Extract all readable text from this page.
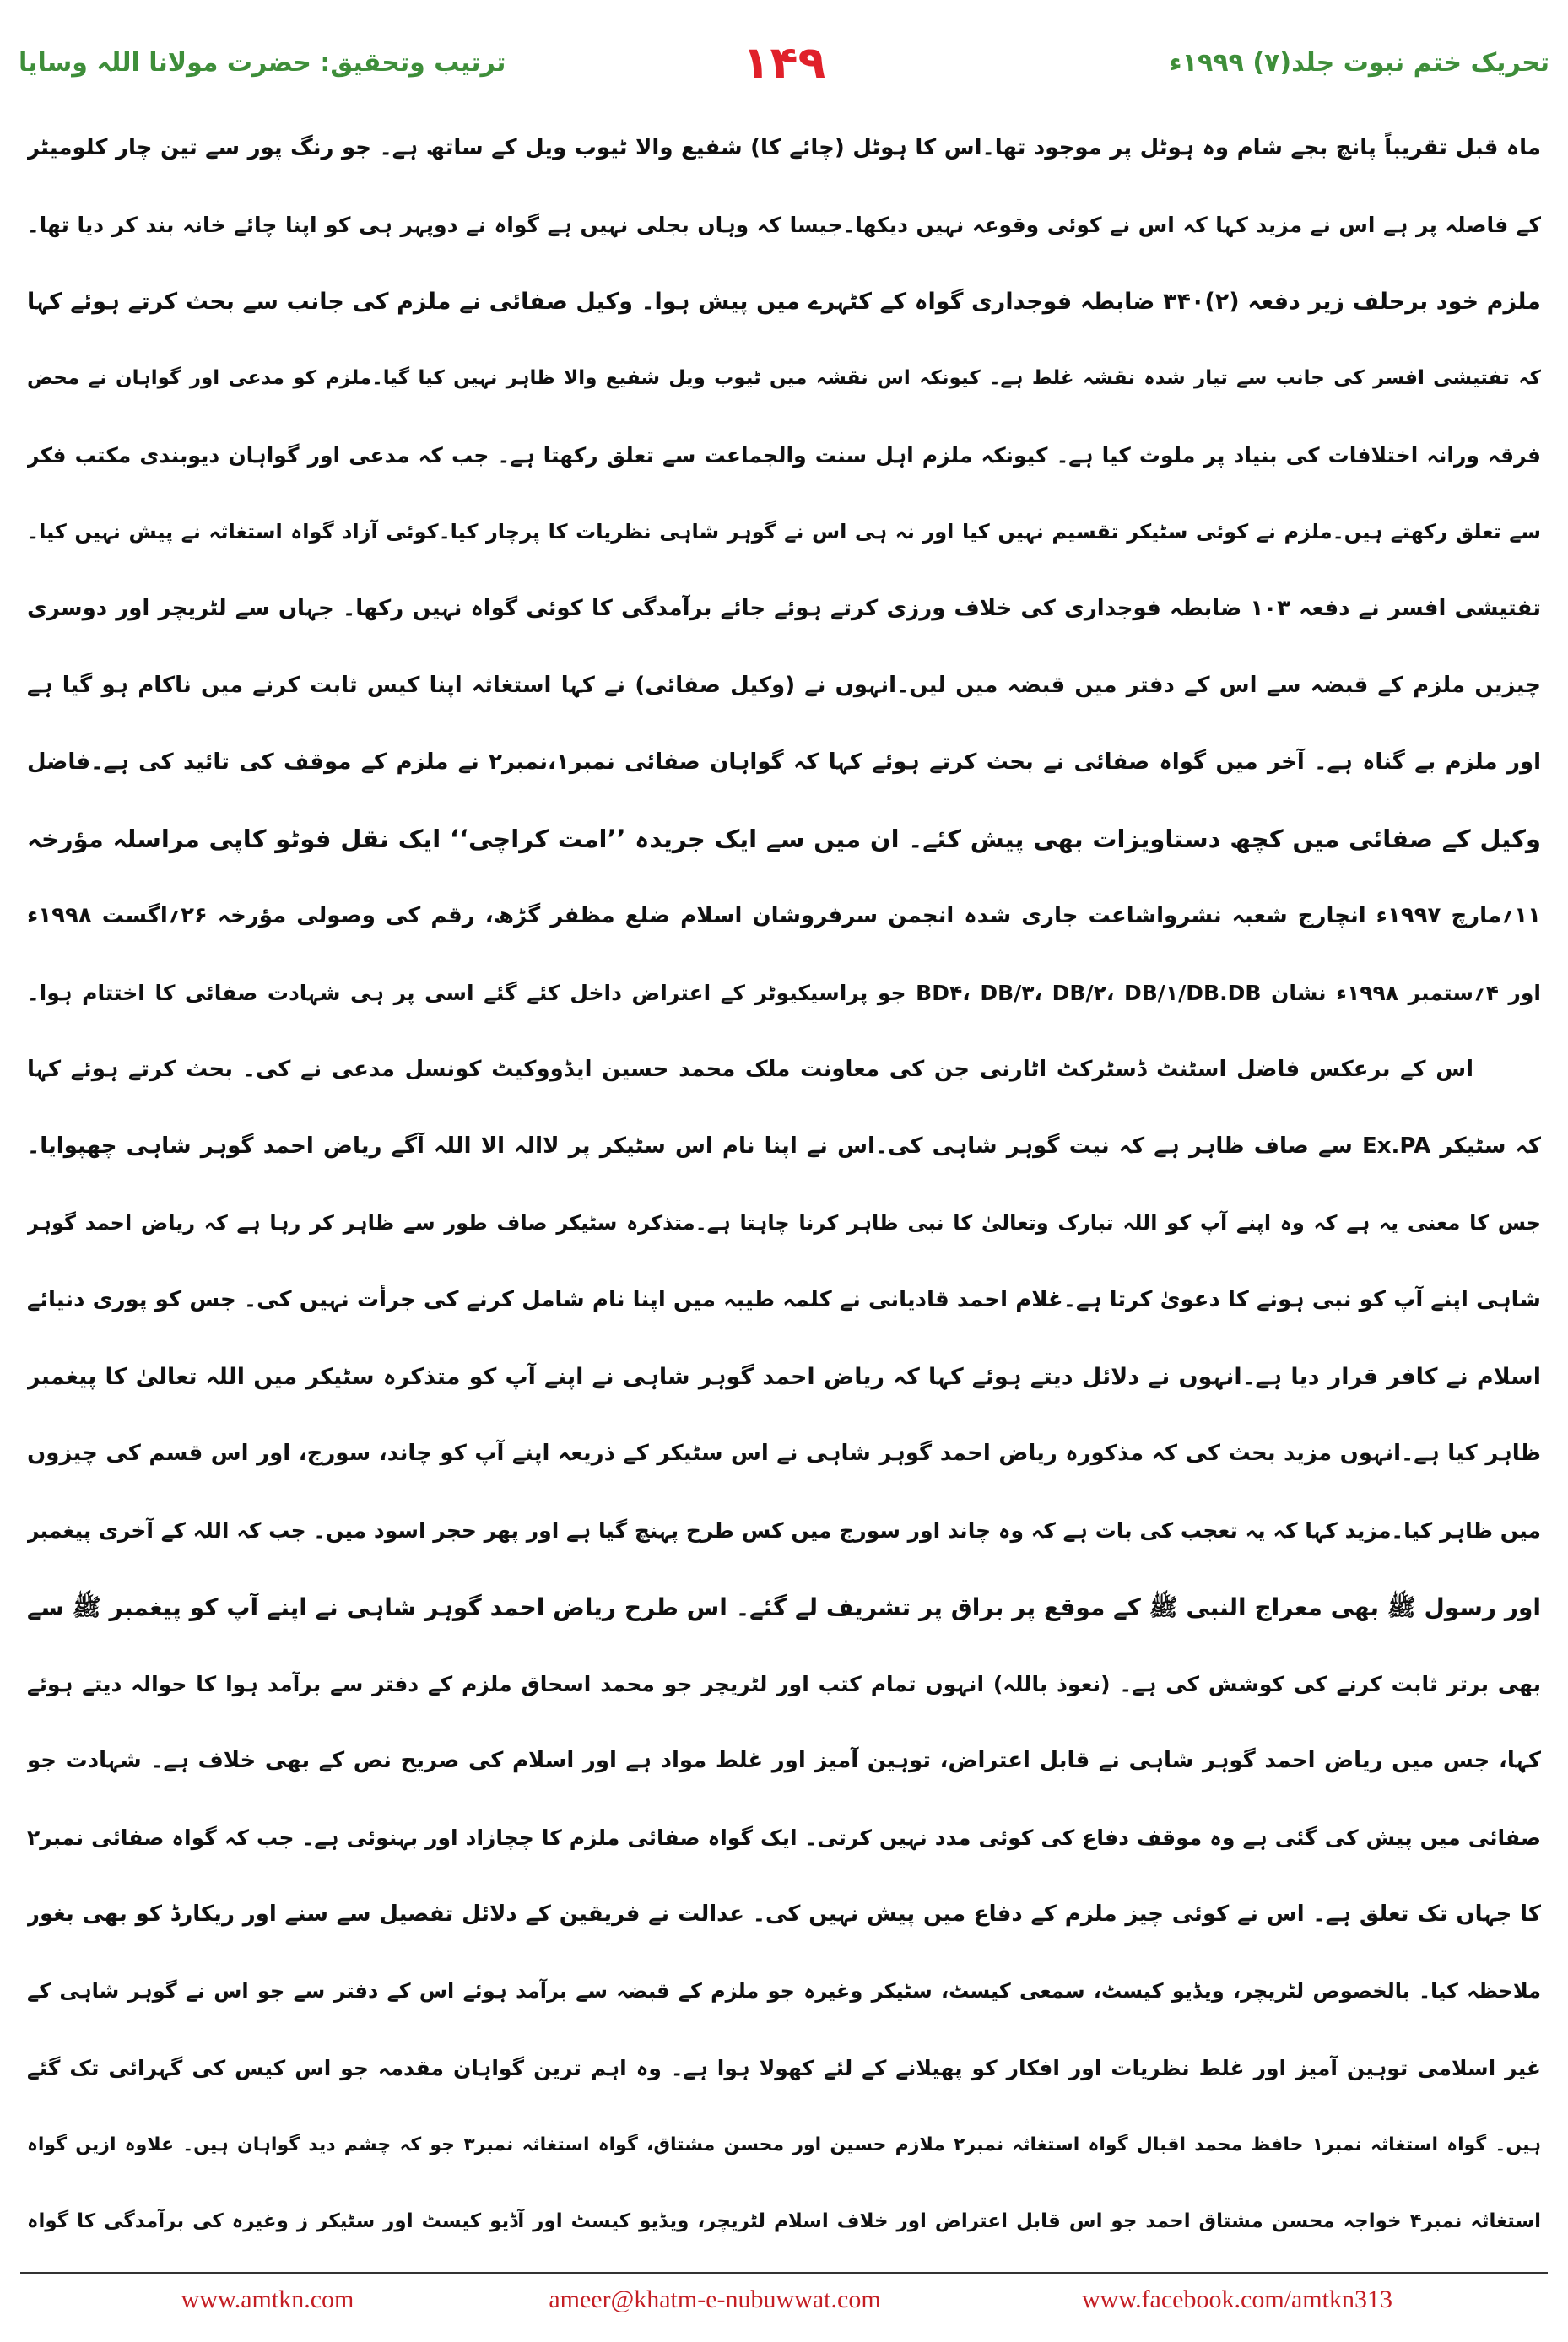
ترتیب وتحقیق: حضرت مولانا اللہ وسایا	۱۴۹	تحریک ختم نبوت جلد(۷) ۱۹۹۹ء
ماہ قبل تقریباً پانچ بجے شام وہ ہوٹل پر موجود تھا۔اس کا ہوٹل (چائے کا) شفیع والا ٹیوب ویل کے ساتھ ہے۔ جو رنگ پور سے تین چار کلومیٹر
کے فاصلہ پر ہے اس نے مزید کہا کہ اس نے کوئی وقوعہ نہیں دیکھا۔جیسا کہ وہاں بجلی نہیں ہے گواہ نے دوپہر ہی کو اپنا چائے خانہ بند کر دیا تھا۔
ملزم خود برحلف زیر دفعہ (۲)۳۴۰ ضابطہ فوجداری گواہ کے کٹہرے میں پیش ہوا۔ وکیل صفائی نے ملزم کی جانب سے بحث کرتے ہوئے کہا
کہ تفتیشی افسر کی جانب سے تیار شدہ نقشہ غلط ہے۔ کیونکہ اس نقشہ میں ٹیوب ویل شفیع والا ظاہر نہیں کیا گیا۔ملزم کو مدعی اور گواہان نے محض
فرقہ ورانہ اختلافات کی بنیاد پر ملوث کیا ہے۔ کیونکہ ملزم اہل سنت والجماعت سے تعلق رکھتا ہے۔ جب کہ مدعی اور گواہان دیوبندی مکتب فکر
سے تعلق رکھتے ہیں۔ملزم نے کوئی سٹیکر تقسیم نہیں کیا اور نہ ہی اس نے گوہر شاہی نظریات کا پرچار کیا۔کوئی آزاد گواہ استغاثہ نے پیش نہیں کیا۔
تفتیشی افسر نے دفعہ ۱۰۳ ضابطہ فوجداری کی خلاف ورزی کرتے ہوئے جائے برآمدگی کا کوئی گواہ نہیں رکھا۔ جہاں سے لٹریچر اور دوسری
چیزیں ملزم کے قبضہ سے اس کے دفتر میں قبضہ میں لیں۔انہوں نے (وکیل صفائی) نے کہا استغاثہ اپنا کیس ثابت کرنے میں ناکام ہو گیا ہے
اور ملزم بے گناہ ہے۔ آخر میں گواہ صفائی نے بحث کرتے ہوئے کہا کہ گواہان صفائی نمبر۱،نمبر۲ نے ملزم کے موقف کی تائید کی ہے۔فاضل
وکیل کے صفائی میں کچھ دستاویزات بھی پیش کئے۔ ان میں سے ایک جریدہ ’’امت کراچی‘‘ ایک نقل فوٹو کاپی مراسلہ مؤرخہ
۱۱؍مارچ ۱۹۹۷ء انچارج شعبہ نشرواشاعت جاری شدہ انجمن سرفروشان اسلام ضلع مظفر گڑھ، رقم کی وصولی مؤرخہ ۲۶؍اگست ۱۹۹۸ء
اور ۴؍ستمبر ۱۹۹۸ء نشان BD۴، DB/۳، DB/۲، DB/۱/DB.DB جو پراسیکیوٹر کے اعتراض داخل کئے گئے اسی پر ہی شہادت صفائی کا اختتام ہوا۔
اس کے برعکس فاضل اسٹنٹ ڈسٹرکٹ اٹارنی جن کی معاونت ملک محمد حسین ایڈووکیٹ کونسل مدعی نے کی۔ بحث کرتے ہوئے کہا
کہ سٹیکر Ex.PA سے صاف ظاہر ہے کہ نیت گوہر شاہی کی۔اس نے اپنا نام اس سٹیکر پر لاالہ الا اللہ آگے ریاض احمد گوہر شاہی چھپوایا۔
جس کا معنی یہ ہے کہ وہ اپنے آپ کو اللہ تبارک وتعالیٰ کا نبی ظاہر کرنا چاہتا ہے۔متذکرہ سٹیکر صاف طور سے ظاہر کر رہا ہے کہ ریاض احمد گوہر
شاہی اپنے آپ کو نبی ہونے کا دعویٰ کرتا ہے۔غلام احمد قادیانی نے کلمہ طیبہ میں اپنا نام شامل کرنے کی جرأت نہیں کی۔ جس کو پوری دنیائے
اسلام نے کافر قرار دیا ہے۔انہوں نے دلائل دیتے ہوئے کہا کہ ریاض احمد گوہر شاہی نے اپنے آپ کو متذکرہ سٹیکر میں اللہ تعالیٰ کا پیغمبر
ظاہر کیا ہے۔انہوں مزید بحث کی کہ مذکورہ ریاض احمد گوہر شاہی نے اس سٹیکر کے ذریعہ اپنے آپ کو چاند، سورج، اور اس قسم کی چیزوں
میں ظاہر کیا۔مزید کہا کہ یہ تعجب کی بات ہے کہ وہ چاند اور سورج میں کس طرح پہنچ گیا ہے اور پھر حجر اسود میں۔ جب کہ اللہ کے آخری پیغمبر
اور رسول ﷺ بھی معراج النبی ﷺ کے موقع پر براق پر تشریف لے گئے۔ اس طرح ریاض احمد گوہر شاہی نے اپنے آپ کو پیغمبر ﷺ سے
بھی برتر ثابت کرنے کی کوشش کی ہے۔ (نعوذ باللہ) انہوں تمام کتب اور لٹریچر جو محمد اسحاق ملزم کے دفتر سے برآمد ہوا کا حوالہ دیتے ہوئے
کہا، جس میں ریاض احمد گوہر شاہی نے قابل اعتراض، توہین آمیز اور غلط مواد ہے اور اسلام کی صریح نص کے بھی خلاف ہے۔ شہادت جو
صفائی میں پیش کی گئی ہے وہ موقف دفاع کی کوئی مدد نہیں کرتی۔ ایک گواہ صفائی ملزم کا چچازاد اور بہنوئی ہے۔ جب کہ گواہ صفائی نمبر۲
کا جہاں تک تعلق ہے۔ اس نے کوئی چیز ملزم کے دفاع میں پیش نہیں کی۔ عدالت نے فریقین کے دلائل تفصیل سے سنے اور ریکارڈ کو بھی بغور
ملاحظہ کیا۔ بالخصوص لٹریچر، ویڈیو کیسٹ، سمعی کیسٹ، سٹیکر وغیرہ جو ملزم کے قبضہ سے برآمد ہوئے اس کے دفتر سے جو اس نے گوہر شاہی کے
غیر اسلامی توہین آمیز اور غلط نظریات اور افکار کو پھیلانے کے لئے کھولا ہوا ہے۔ وہ اہم ترین گواہان مقدمہ جو اس کیس کی گہرائی تک گئے
ہیں۔ گواہ استغاثہ نمبر۱ حافظ محمد اقبال گواہ استغاثہ نمبر۲ ملازم حسین اور محسن مشتاق، گواہ استغاثہ نمبر۳ جو کہ چشم دید گواہان ہیں۔ علاوہ ازیں گواہ
استغاثہ نمبر۴ خواجہ محسن مشتاق احمد جو اس قابل اعتراض اور خلاف اسلام لٹریچر، ویڈیو کیسٹ اور آڈیو کیسٹ اور سٹیکر ز وغیرہ کی برآمدگی کا گواہ
www.amtkn.com	ameer@khatm-e-nubuwwat.com	www.facebook.com/amtkn313
